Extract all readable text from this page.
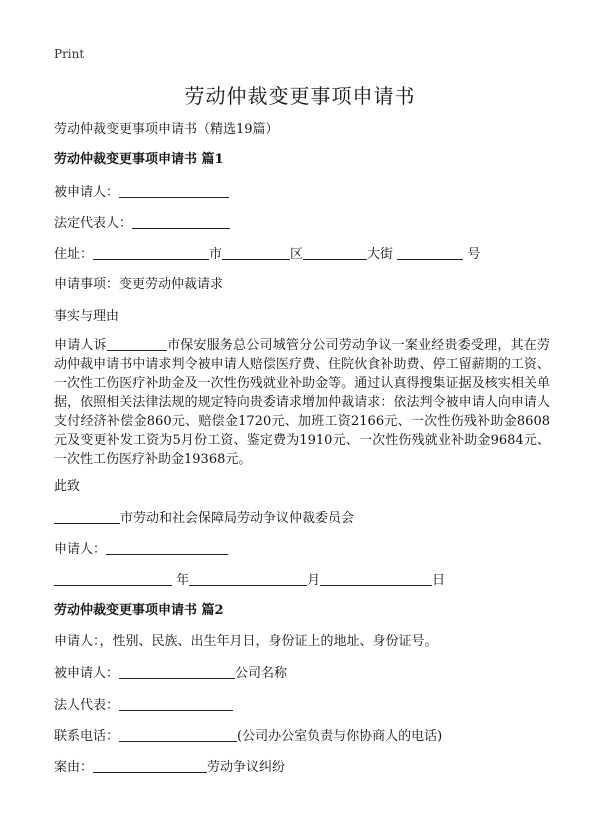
Print
劳动仲裁变更事项申请书
劳动仲裁变更事项申请书（精选19篇）
劳动仲裁变更事项申请书 篇1
被申请人：
法定代表人：
住址：	市	区	大街	号
申请事项：变更劳动仲裁请求
事实与理由
申请人诉	市保安服务总公司城管分公司劳动争议一案业经贵委受理，其在劳动仲裁申请书中请求判令被申请人赔偿医疗费、住院伙食补助费、停工留薪期的工资、一次性工伤医疗补助金及一次性伤残就业补助金等。通过认真得搜集证据及核实相关单据，依照相关法律法规的规定特向贵委请求增加仲裁请求：依法判令被申请人向申请人支付经济补偿金860元、赔偿金1720元、加班工资2166元、一次性伤残补助金8608元及变更补发工资为5月份工资、鉴定费为1910元、一次性伤残就业补助金9684元、一次性工伤医疗补助金19368元。
此致
市劳动和社会保障局劳动争议仲裁委员会
申请人：
年	月	日
劳动仲裁变更事项申请书 篇2
申请人：，性别、民族、出生年月日，身份证上的地址、身份证号。
被申请人：	公司名称
法人代表：
联系电话：	(公司办公室负责与你协商人的电话)
案由：	劳动争议纠纷
